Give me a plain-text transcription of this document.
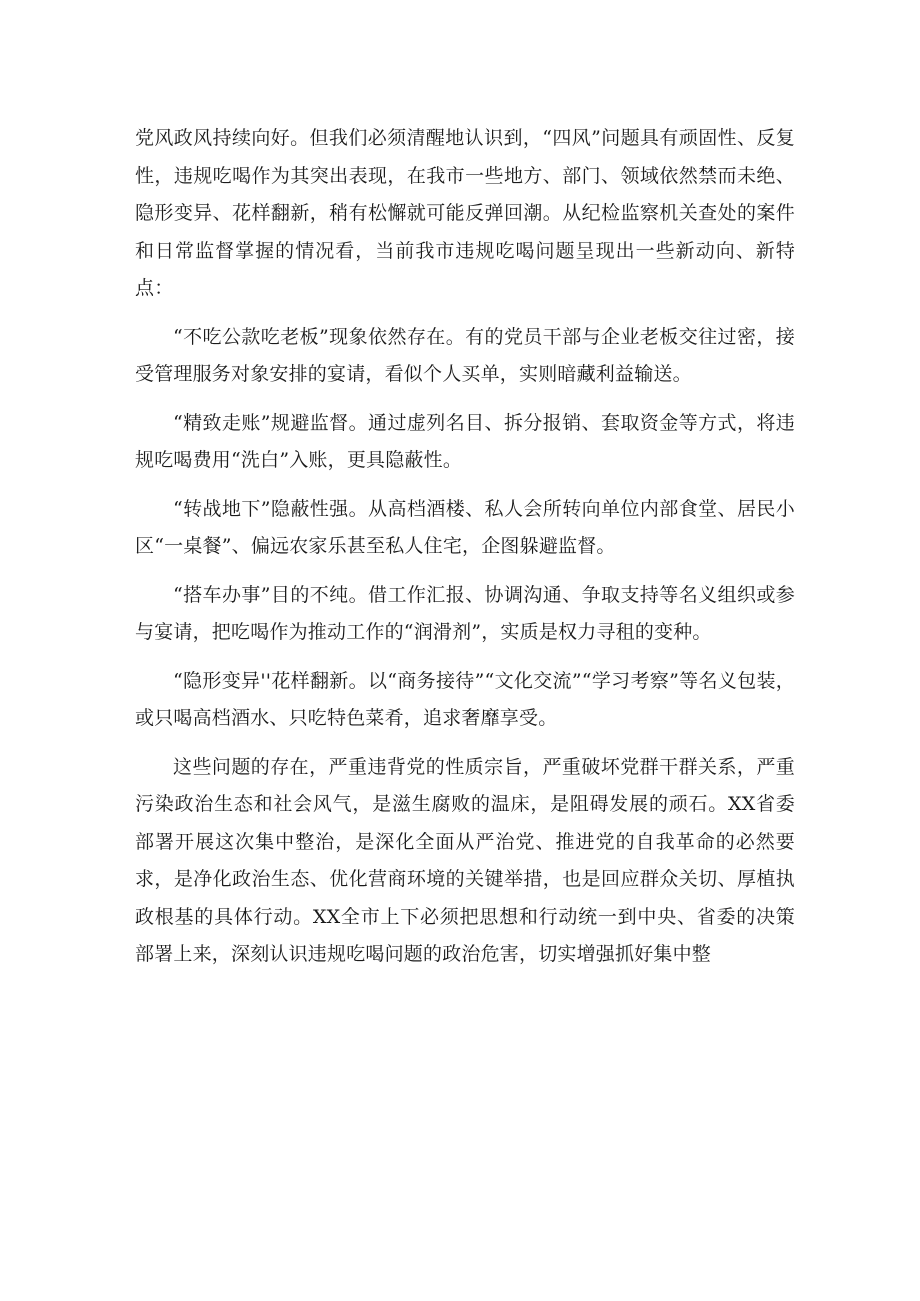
党风政风持续向好。但我们必须清醒地认识到，“四风”问题具有顽固性、反复性，违规吃喝作为其突出表现，在我市一些地方、部门、领域依然禁而未绝、隐形变异、花样翻新，稍有松懈就可能反弹回潮。从纪检监察机关查处的案件和日常监督掌握的情况看，当前我市违规吃喝问题呈现出一些新动向、新特点：

“不吃公款吃老板”现象依然存在。有的党员干部与企业老板交往过密，接受管理服务对象安排的宴请，看似个人买单，实则暗藏利益输送。

“精致走账”规避监督。通过虚列名目、拆分报销、套取资金等方式，将违规吃喝费用“洗白”入账，更具隐蔽性。

“转战地下”隐蔽性强。从高档酒楼、私人会所转向单位内部食堂、居民小区“一桌餐”、偏远农家乐甚至私人住宅，企图躲避监督。

“搭车办事”目的不纯。借工作汇报、协调沟通、争取支持等名义组织或参与宴请，把吃喝作为推动工作的“润滑剂”，实质是权力寻租的变种。

“隐形变异''花样翻新。以“商务接待”“文化交流”“学习考察”等名义包装，或只喝高档酒水、只吃特色菜肴，追求奢靡享受。

这些问题的存在，严重违背党的性质宗旨，严重破坏党群干群关系，严重污染政治生态和社会风气，是滋生腐败的温床，是阻碍发展的顽石。XX省委部署开展这次集中整治，是深化全面从严治党、推进党的自我革命的必然要求，是净化政治生态、优化营商环境的关键举措，也是回应群众关切、厚植执政根基的具体行动。XX全市上下必须把思想和行动统一到中央、省委的决策部署上来，深刻认识违规吃喝问题的政治危害，切实增强抓好集中整
